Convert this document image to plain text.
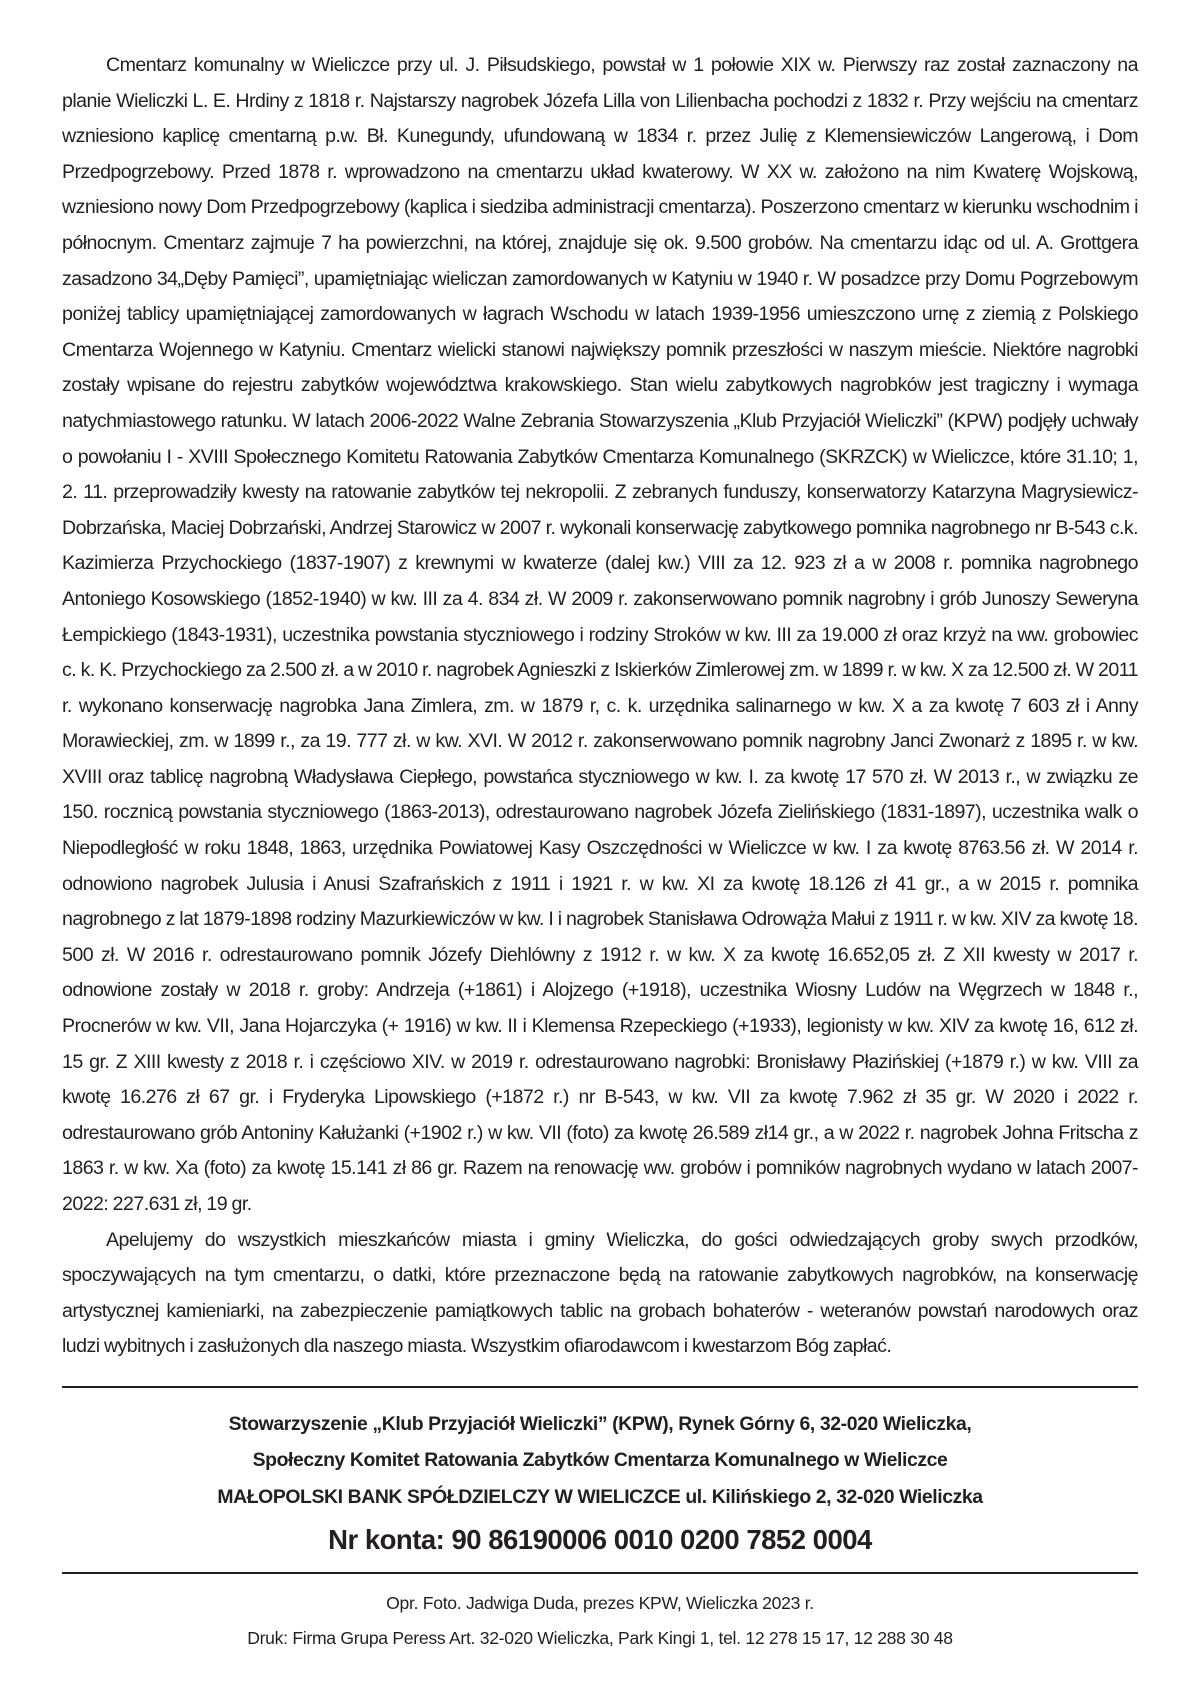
Cmentarz komunalny w Wieliczce przy ul. J. Piłsudskiego, powstał w 1 połowie XIX w. Pierwszy raz został zaznaczony na planie Wieliczki L. E. Hrdiny z 1818 r. Najstarszy nagrobek Józefa Lilla von Lilienbacha pochodzi z 1832 r. Przy wejściu na cmentarz wzniesiono kaplicę cmentarną p.w. Bł. Kunegundy, ufundowaną w 1834 r. przez Julię z Klemensiewiczów Langerową, i Dom Przedpogrzebowy. Przed 1878 r. wprowadzono na cmentarzu układ kwaterowy. W XX w. założono na nim Kwaterę Wojskową, wzniesiono nowy Dom Przedpogrzebowy (kaplica i siedziba administracji cmentarza). Poszerzono cmentarz w kierunku wschodnim i północnym. Cmentarz zajmuje 7 ha powierzchni, na której, znajduje się ok. 9.500 grobów. Na cmentarzu idąc od ul. A. Grottgera zasadzono 34„Dęby Pamięci”, upamiętniając wieliczan zamordowanych w Katyniu w 1940 r. W posadzce przy Domu Pogrzebowym poniżej tablicy upamiętniającej zamordowanych w łagrach Wschodu w latach 1939-1956 umieszczono urnę z ziemią z Polskiego Cmentarza Wojennego w Katyniu. Cmentarz wielicki stanowi największy pomnik przeszłości w naszym mieście. Niektóre nagrobki zostały wpisane do rejestru zabytków województwa krakowskiego. Stan wielu zabytkowych nagrobków jest tragiczny i wymaga natychmiastowego ratunku. W latach 2006-2022 Walne Zebrania Stowarzyszenia „Klub Przyjaciół Wieliczki” (KPW) podjęły uchwały o powołaniu I - XVIII Społecznego Komitetu Ratowania Zabytków Cmentarza Komunalnego (SKRZCK) w Wieliczce, które 31.10; 1, 2. 11. przeprowadziły kwesty na ratowanie zabytków tej nekropolii. Z zebranych funduszy, konserwatorzy Katarzyna Magrysiewicz-Dobrzańska, Maciej Dobrzański, Andrzej Starowicz w 2007 r. wykonali konserwację zabytkowego pomnika nagrobnego nr B-543 c.k. Kazimierza Przychockiego (1837-1907) z krewnymi w kwaterze (dalej kw.) VIII za 12. 923 zł a w 2008 r. pomnika nagrobnego Antoniego Kosowskiego (1852-1940) w kw. III za 4. 834 zł. W 2009 r. zakonserwowano pomnik nagrobny i grób Junoszy Seweryna Łempickiego (1843-1931), uczestnika powstania styczniowego i rodziny Stroków w kw. III za 19.000 zł oraz krzyż na ww. grobowiec c. k. K. Przychockiego za 2.500 zł. a w 2010 r. nagrobek Agnieszki z Iskierków Zimlerowej zm. w 1899 r. w kw. X za 12.500 zł. W 2011 r. wykonano konserwację nagrobka Jana Zimlera, zm. w 1879 r, c. k. urzędnika salinarnego w kw. X a za kwotę 7 603 zł i Anny Morawieckiej, zm. w 1899 r., za 19. 777 zł. w kw. XVI. W 2012 r. zakonserwowano pomnik nagrobny Janci Zwonarż z 1895 r. w kw. XVIII oraz tablicę nagrobną Władysława Ciepłego, powstańca styczniowego w kw. I. za kwotę 17 570 zł. W 2013 r., w związku ze 150. rocznicą powstania styczniowego (1863-2013), odrestaurowano nagrobek Józefa Zielińskiego (1831-1897), uczestnika walk o Niepodległość w roku 1848, 1863, urzędnika Powiatowej Kasy Oszczędności w Wieliczce w kw. I za kwotę 8763.56 zł. W 2014 r. odnowiono nagrobek Julusia i Anusi Szafrańskich z 1911 i 1921 r. w kw. XI za kwotę 18.126 zł 41 gr., a w 2015 r. pomnika nagrobnego z lat 1879-1898 rodziny Mazurkiewiczów w kw. I i nagrobek Stanisława Odrowąża Małui z 1911 r. w kw. XIV za kwotę 18. 500 zł. W 2016 r. odrestaurowano pomnik Józefy Diehlówny z 1912 r. w kw. X za kwotę 16.652,05 zł. Z XII kwesty w 2017 r. odnowione zostały w 2018 r. groby: Andrzeja (+1861) i Alojzego (+1918), uczestnika Wiosny Ludów na Węgrzech w 1848 r., Procnerów w kw. VII, Jana Hojarczyka (+ 1916) w kw. II i Klemensa Rzepeckiego (+1933), legionisty w kw. XIV za kwotę 16, 612 zł. 15 gr. Z XIII kwesty z 2018 r. i częściowo XIV. w 2019 r. odrestaurowano nagrobki: Bronisławy Płazińskiej (+1879 r.) w kw. VIII za kwotę 16.276 zł 67 gr. i Fryderyka Lipowskiego (+1872 r.) nr B-543, w kw. VII za kwotę 7.962 zł 35 gr. W 2020 i 2022 r. odrestaurowano grób Antoniny Kałużanki (+1902 r.) w kw. VII (foto) za kwotę 26.589 zł14 gr., a w 2022 r. nagrobek Johna Fritscha z 1863 r. w kw. Xa (foto) za kwotę 15.141 zł 86 gr. Razem na renowację ww. grobów i pomników nagrobnych wydano w latach 2007-2022: 227.631 zł, 19 gr.

Apelujemy do wszystkich mieszkańców miasta i gminy Wieliczka, do gości odwiedzających groby swych przodków, spoczywających na tym cmentarzu, o datki, które przeznaczone będą na ratowanie zabytkowych nagrobków, na konserwację artystycznej kamieniarki, na zabezpieczenie pamiątkowych tablic na grobach bohaterów - weteranów powstań narodowych oraz ludzi wybitnych i zasłużonych dla naszego miasta. Wszystkim ofiarodawcom i kwestarzom Bóg zapłać.

Stowarzyszenie „Klub Przyjaciół Wieliczki” (KPW), Rynek Górny 6, 32-020 Wieliczka,
Społeczny Komitet Ratowania Zabytków Cmentarza Komunalnego w Wieliczce
MAŁOPOLSKI BANK SPÓŁDZIELCZY W WIELICZCE ul. Kilińskiego 2, 32-020 Wieliczka
Nr konta: 90 86190006 0010 0200 7852 0004
Opr. Foto. Jadwiga Duda, prezes KPW, Wieliczka 2023 r.
Druk: Firma Grupa Peress Art. 32-020 Wieliczka, Park Kingi 1, tel. 12 278 15 17, 12 288 30 48
